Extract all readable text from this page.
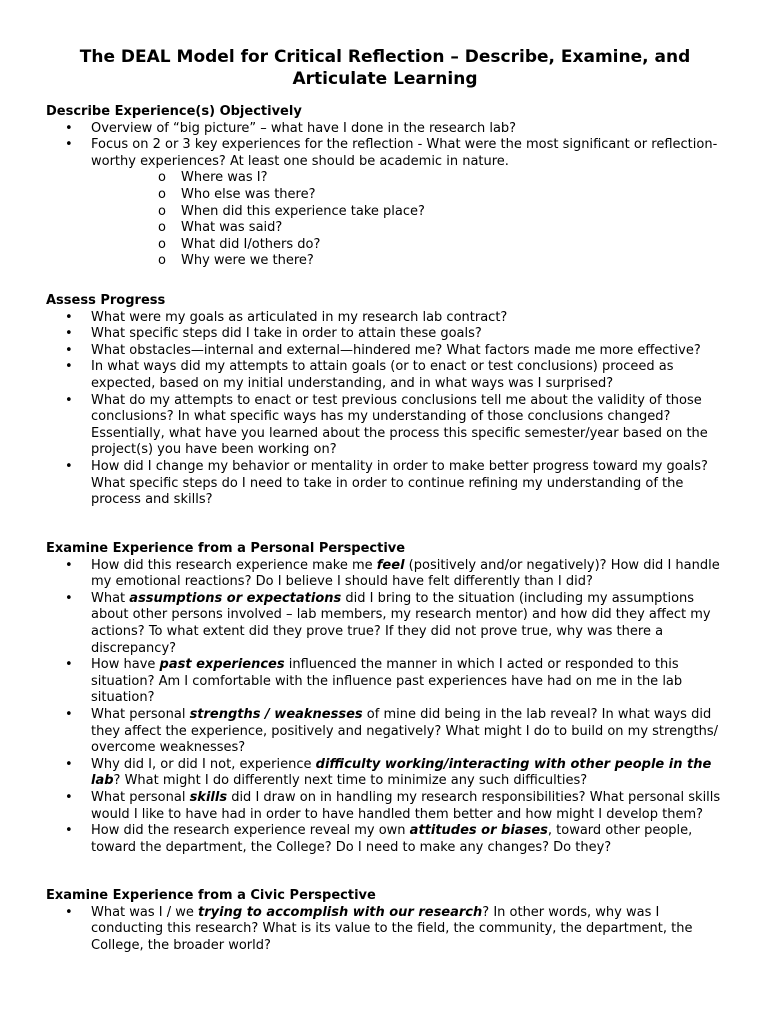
The DEAL Model for Critical Reflection – Describe, Examine, and Articulate Learning
Describe Experience(s) Objectively
• Overview of “big picture” – what have I done in the research lab?
• Focus on 2 or 3 key experiences for the reflection - What were the most significant or reflection-worthy experiences? At least one should be academic in nature.
o Where was I?
o Who else was there?
o When did this experience take place?
o What was said?
o What did I/others do?
o Why were we there?
Assess Progress
• What were my goals as articulated in my research lab contract?
• What specific steps did I take in order to attain these goals?
• What obstacles—internal and external—hindered me? What factors made me more effective?
• In what ways did my attempts to attain goals (or to enact or test conclusions) proceed as expected, based on my initial understanding, and in what ways was I surprised?
• What do my attempts to enact or test previous conclusions tell me about the validity of those conclusions? In what specific ways has my understanding of those conclusions changed? Essentially, what have you learned about the process this specific semester/year based on the project(s) you have been working on?
• How did I change my behavior or mentality in order to make better progress toward my goals? What specific steps do I need to take in order to continue refining my understanding of the process and skills?
Examine Experience from a Personal Perspective
• How did this research experience make me feel (positively and/or negatively)? How did I handle my emotional reactions? Do I believe I should have felt differently than I did?
• What assumptions or expectations did I bring to the situation (including my assumptions about other persons involved – lab members, my research mentor) and how did they affect my actions? To what extent did they prove true? If they did not prove true, why was there a discrepancy?
• How have past experiences influenced the manner in which I acted or responded to this situation? Am I comfortable with the influence past experiences have had on me in the lab situation?
• What personal strengths / weaknesses of mine did being in the lab reveal? In what ways did they affect the experience, positively and negatively? What might I do to build on my strengths/ overcome weaknesses?
• Why did I, or did I not, experience difficulty working/interacting with other people in the lab? What might I do differently next time to minimize any such difficulties?
• What personal skills did I draw on in handling my research responsibilities? What personal skills would I like to have had in order to have handled them better and how might I develop them?
• How did the research experience reveal my own attitudes or biases, toward other people, toward the department, the College? Do I need to make any changes? Do they?
Examine Experience from a Civic Perspective
• What was I / we trying to accomplish with our research? In other words, why was I conducting this research? What is its value to the field, the community, the department, the College, the broader world?
